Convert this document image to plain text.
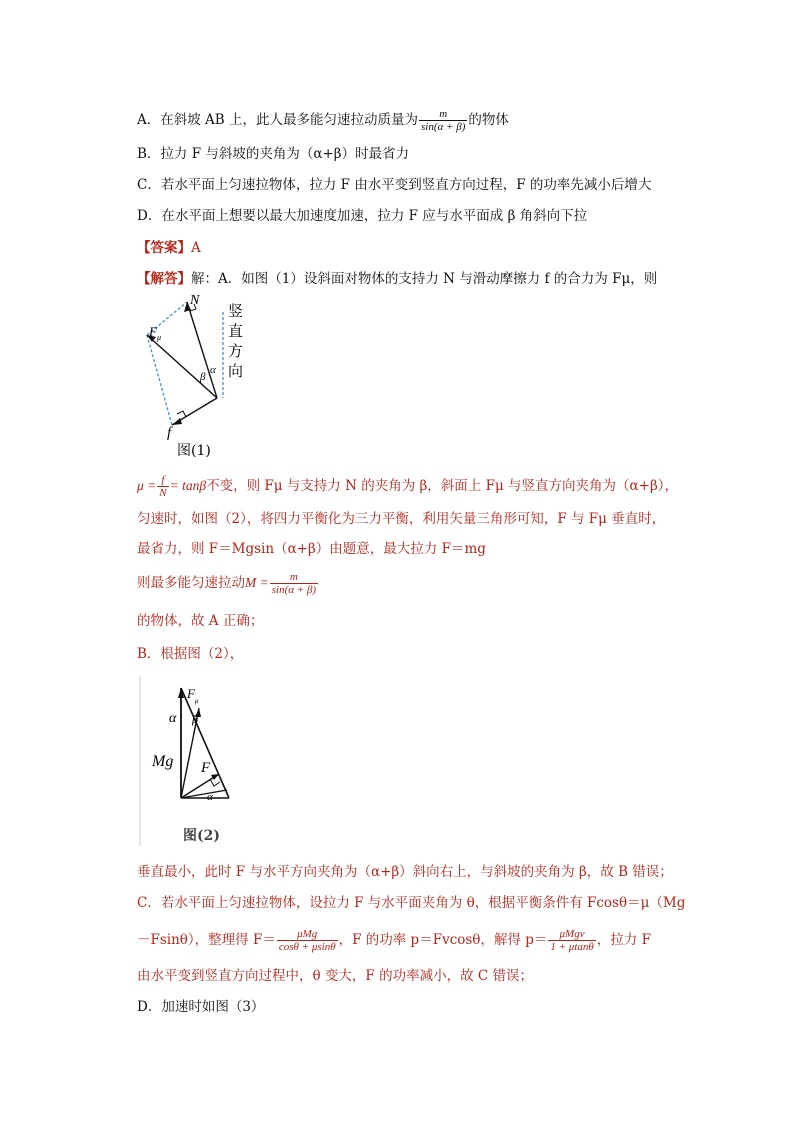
A．在斜坡 AB 上，此人最多能匀速拉动质量为 $\frac{m}{\sin(\alpha + \beta)}$ 的物体
B．拉力 F 与斜坡的夹角为（α+β）时最省力
C．若水平面上匀速拉物体，拉力 F 由水平变到竖直方向过程，F 的功率先减小后增大
D．在水平面上想要以最大加速度加速，拉力 F 应与水平面成 β 角斜向下拉
【答案】A
【解答】解：A．如图（1）设斜面对物体的支持力 N 与滑动摩擦力 f 的合力为 Fμ，则
N
F μ
f
β
α
竖
直
方
向
图(1)
$\mu = \frac{f}{N} = \tan\beta$不变，则 Fμ 与支持力 N 的夹角为 β，斜面上 Fμ 与竖直方向夹角为（α+β），
匀速时，如图（2），将四力平衡化为三力平衡，利用矢量三角形可知，F 与 Fμ 垂直时，
最省力，则 F＝Mgsin（α+β）由题意，最大拉力 F＝mg
则最多能匀速拉动$M = \frac{m}{\sin(\alpha + \beta)}$
的物体，故 A 正确；
B．根据图（2），
F μ
α β
Mg F
α
图(2)
垂直最小，此时 F 与水平方向夹角为（α+β）斜向右上，与斜坡的夹角为 β，故 B 错误；
C．若水平面上匀速拉物体，设拉力 F 与水平面夹角为 θ，根据平衡条件有 Fcosθ＝μ（Mg
－Fsinθ），整理得 $F= \frac{\text{μMg}}{\cos\theta + \mu\sin\theta}$ ，F 的功率 p＝Fvcosθ，解得 $p= \frac{\text{μMgv}}{1 + \mu\tan\theta}$ ，拉力 F
由水平变到竖直方向过程中，θ 变大，F 的功率减小，故 C 错误；
D．加速时如图（3）
